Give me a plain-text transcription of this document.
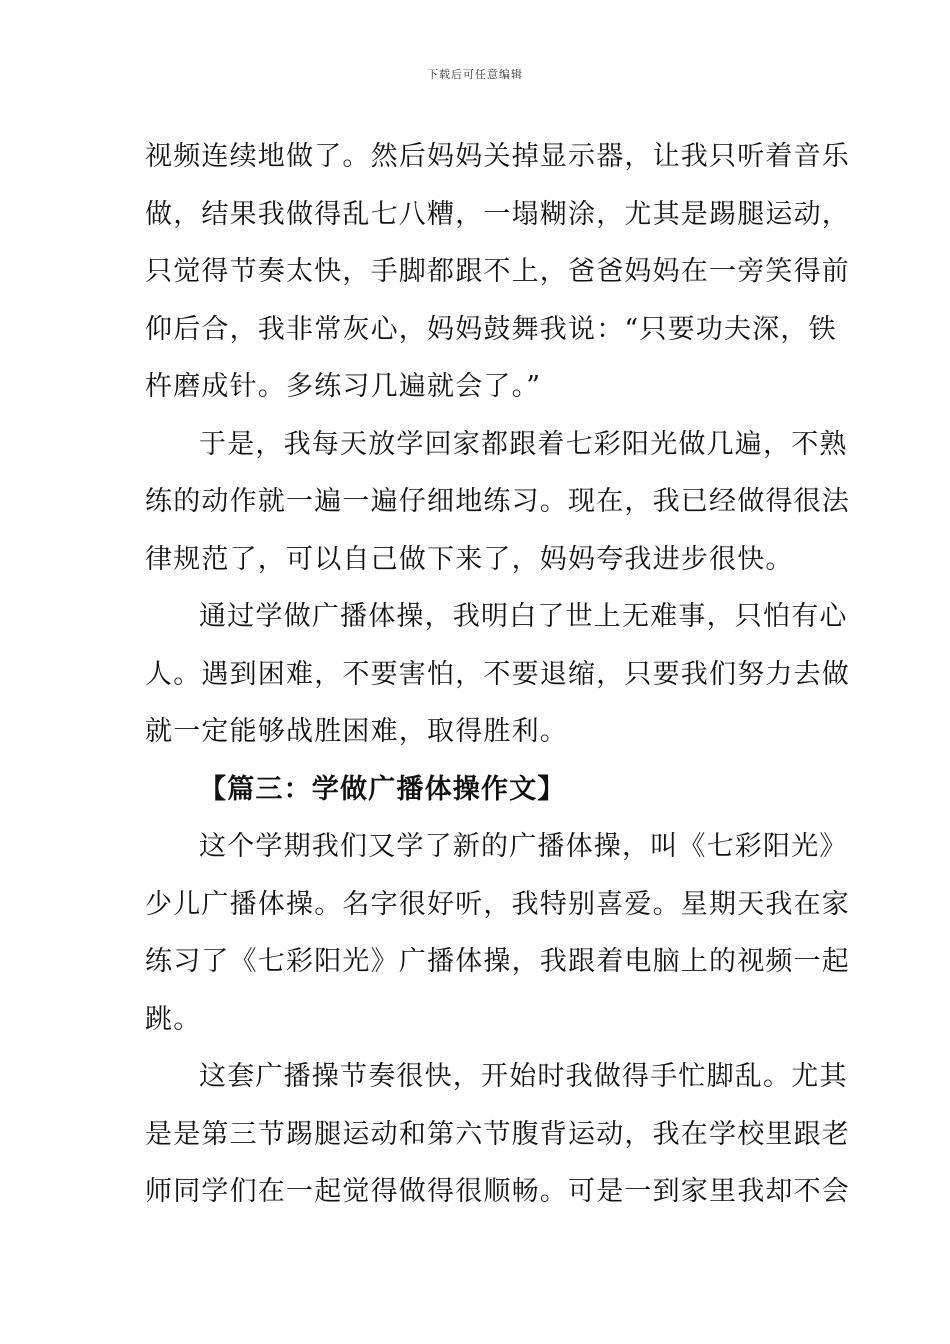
下载后可任意编辑
视频连续地做了。然后妈妈关掉显示器，让我只听着音乐
做，结果我做得乱七八糟，一塌糊涂，尤其是踢腿运动，
只觉得节奏太快，手脚都跟不上，爸爸妈妈在一旁笑得前
仰后合，我非常灰心，妈妈鼓舞我说：“只要功夫深，铁
杵磨成针。多练习几遍就会了。”
于是，我每天放学回家都跟着七彩阳光做几遍，不熟
练的动作就一遍一遍仔细地练习。现在，我已经做得很法
律规范了，可以自己做下来了，妈妈夸我进步很快。
通过学做广播体操，我明白了世上无难事，只怕有心
人。遇到困难，不要害怕，不要退缩，只要我们努力去做
就一定能够战胜困难，取得胜利。
【篇三：学做广播体操作文】
这个学期我们又学了新的广播体操，叫《七彩阳光》
少儿广播体操。名字很好听，我特别喜爱。星期天我在家
练习了《七彩阳光》广播体操，我跟着电脑上的视频一起
跳。
这套广播操节奏很快，开始时我做得手忙脚乱。尤其
是是第三节踢腿运动和第六节腹背运动，我在学校里跟老
师同学们在一起觉得做得很顺畅。可是一到家里我却不会
